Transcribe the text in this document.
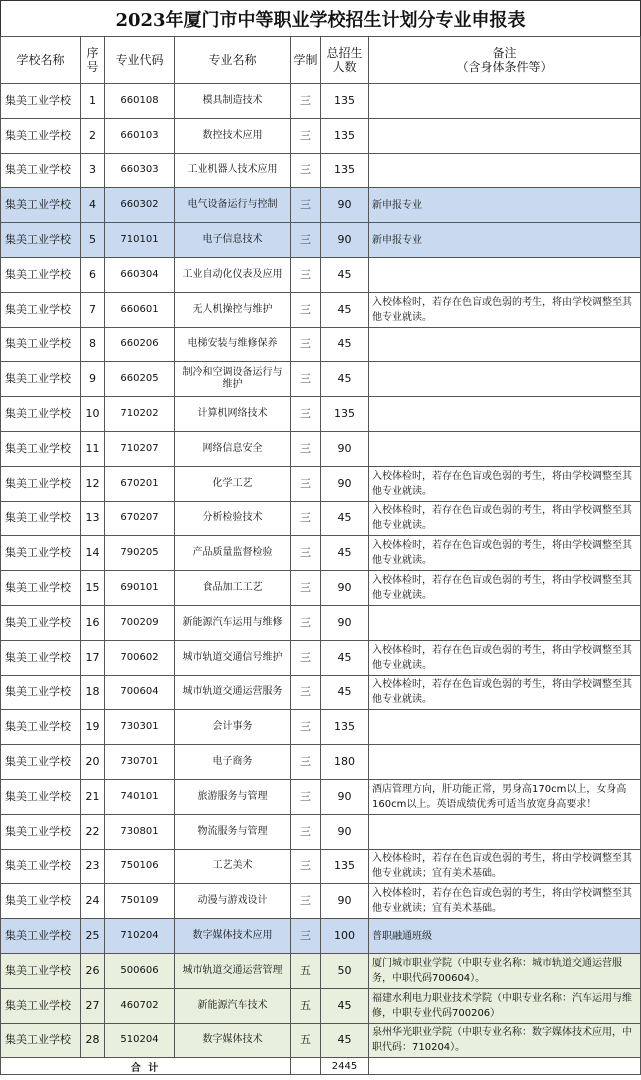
2023年厦门市中等职业学校招生计划分专业申报表
学校名称	序号	专业代码	专业名称	学制	总招生人数	备注
（含身体条件等）

集美工业学校	1	660108	模具制造技术	三	135	
集美工业学校	2	660103	数控技术应用	三	135	
集美工业学校	3	660303	工业机器人技术应用	三	135	
集美工业学校	4	660302	电气设备运行与控制	三	90	新申报专业
集美工业学校	5	710101	电子信息技术	三	90	新申报专业
集美工业学校	6	660304	工业自动化仪表及应用	三	45	
集美工业学校	7	660601	无人机操控与维护	三	45	入校体检时，若存在色盲或色弱的考生，将由学校调整至其他专业就读。
集美工业学校	8	660206	电梯安装与维修保养	三	45	
集美工业学校	9	660205	制冷和空调设备运行与维护	三	45	
集美工业学校	10	710202	计算机网络技术	三	135	
集美工业学校	11	710207	网络信息安全	三	90	
集美工业学校	12	670201	化学工艺	三	90	入校体检时，若存在色盲或色弱的考生，将由学校调整至其他专业就读。
集美工业学校	13	670207	分析检验技术	三	45	入校体检时，若存在色盲或色弱的考生，将由学校调整至其他专业就读。
集美工业学校	14	790205	产品质量监督检验	三	45	入校体检时，若存在色盲或色弱的考生，将由学校调整至其他专业就读。
集美工业学校	15	690101	食品加工工艺	三	90	入校体检时，若存在色盲或色弱的考生，将由学校调整至其他专业就读。
集美工业学校	16	700209	新能源汽车运用与维修	三	90	
集美工业学校	17	700602	城市轨道交通信号维护	三	45	入校体检时，若存在色盲或色弱的考生，将由学校调整至其他专业就读。
集美工业学校	18	700604	城市轨道交通运营服务	三	45	入校体检时，若存在色盲或色弱的考生，将由学校调整至其他专业就读。
集美工业学校	19	730301	会计事务	三	135	
集美工业学校	20	730701	电子商务	三	180	
集美工业学校	21	740101	旅游服务与管理	三	90	酒店管理方向，肝功能正常，男身高170cm以上，女身高160cm以上。英语成绩优秀可适当放宽身高要求！
集美工业学校	22	730801	物流服务与管理	三	90	
集美工业学校	23	750106	工艺美术	三	135	入校体检时，若存在色盲或色弱的考生，将由学校调整至其他专业就读；宜有美术基础。
集美工业学校	24	750109	动漫与游戏设计	三	90	入校体检时，若存在色盲或色弱的考生，将由学校调整至其他专业就读；宜有美术基础。
集美工业学校	25	710204	数字媒体技术应用	三	100	普职融通班级
集美工业学校	26	500606	城市轨道交通运营管理	五	50	厦门城市职业学院（中职专业名称：城市轨道交通运营服务，中职代码700604）。
集美工业学校	27	460702	新能源汽车技术	五	45	福建水利电力职业技术学院（中职专业名称：汽车运用与维修，中职专业代码700206）
集美工业学校	28	510204	数字媒体技术	五	45	泉州华光职业学院（中职专业名称：数字媒体技术应用，中职代码：710204）。
合 计					2445	
